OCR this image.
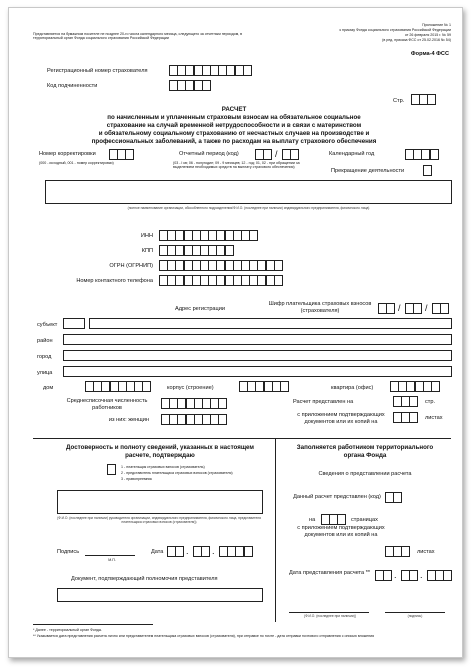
Представляется на бумажном носителе не позднее 20-го числа календарного месяца, следующего за отчетным периодом, в территориальный орган Фонда социального страхования Российской Федерации
Приложение № 1
к приказу Фонда социального страхования Российской Федерации
от 26 февраля 2015 г. № 59
(в ред. приказа ФСС от 25.02.2016 № 54)
Форма-4 ФСС
Регистрационный номер страхователя
Стр.
Код подчиненности
РАСЧЕТ
по начисленным и уплаченным страховым взносам на обязательное социальное
страхование на случай временной нетрудоспособности и в связи с материнством
и обязательному социальному страхованию от несчастных случаев на производстве и
профессиональных заболеваний, а также по расходам на выплату страхового обеспечения
Номер корректировки
(000 - исходный, 001 - номер корректировки)
Отчетный период (код)	/
(03 - I кв; 06 - полугодие; 09 - 9 месяцев; 12 - год; 01, 02 - при обращении за выделением необходимых средств на выплату страхового обеспечения)
Календарный год
Прекращение деятельности
(полное наименование организации, обособленного подразделения/Ф.И.О. (последнее при наличии) индивидуального предпринимателя, физического лица)
ИНН
КПП
ОГРН (ОГРНИП)
Номер контактного телефона
Адрес регистрации
Шифр плательщика страховых взносов (страхователя)	/	/
субъект
район
город
улица
дом	корпус (строение)	квартира (офис)
Среднесписочная численность работников
из них: женщин
Расчет представлен на	стр.
с приложением подтверждающих документов или их копий на
листах
Достоверность и полноту сведений, указанных в настоящем расчете, подтверждаю
1 - плательщик страховых взносов (страхователь)
2 - представитель плательщика страховых взносов (страхователя)
3 - правопреемник
(Ф.И.О. (последнее при наличии) руководителя организации, индивидуального предпринимателя, физического лица, представителя плательщика страховых взносов (страхователя))
Подпись
М.П.
Дата	.	.
Документ, подтверждающий полномочия представителя
Заполняется работником территориального органа Фонда
Сведения о представлении расчета
Данный расчет представлен (код)
на	страницах
с приложением подтверждающих документов или их копий на
листах
Дата представления расчета **	.	.
(Ф.И.О. (последнее при наличии))	(подпись)
* Далее - территориальный орган Фонда.
** Указывается дата представления расчета лично или представителем плательщика страховых взносов (страхователя), при отправке по почте - дата отправки почтового отправления с описью вложения
